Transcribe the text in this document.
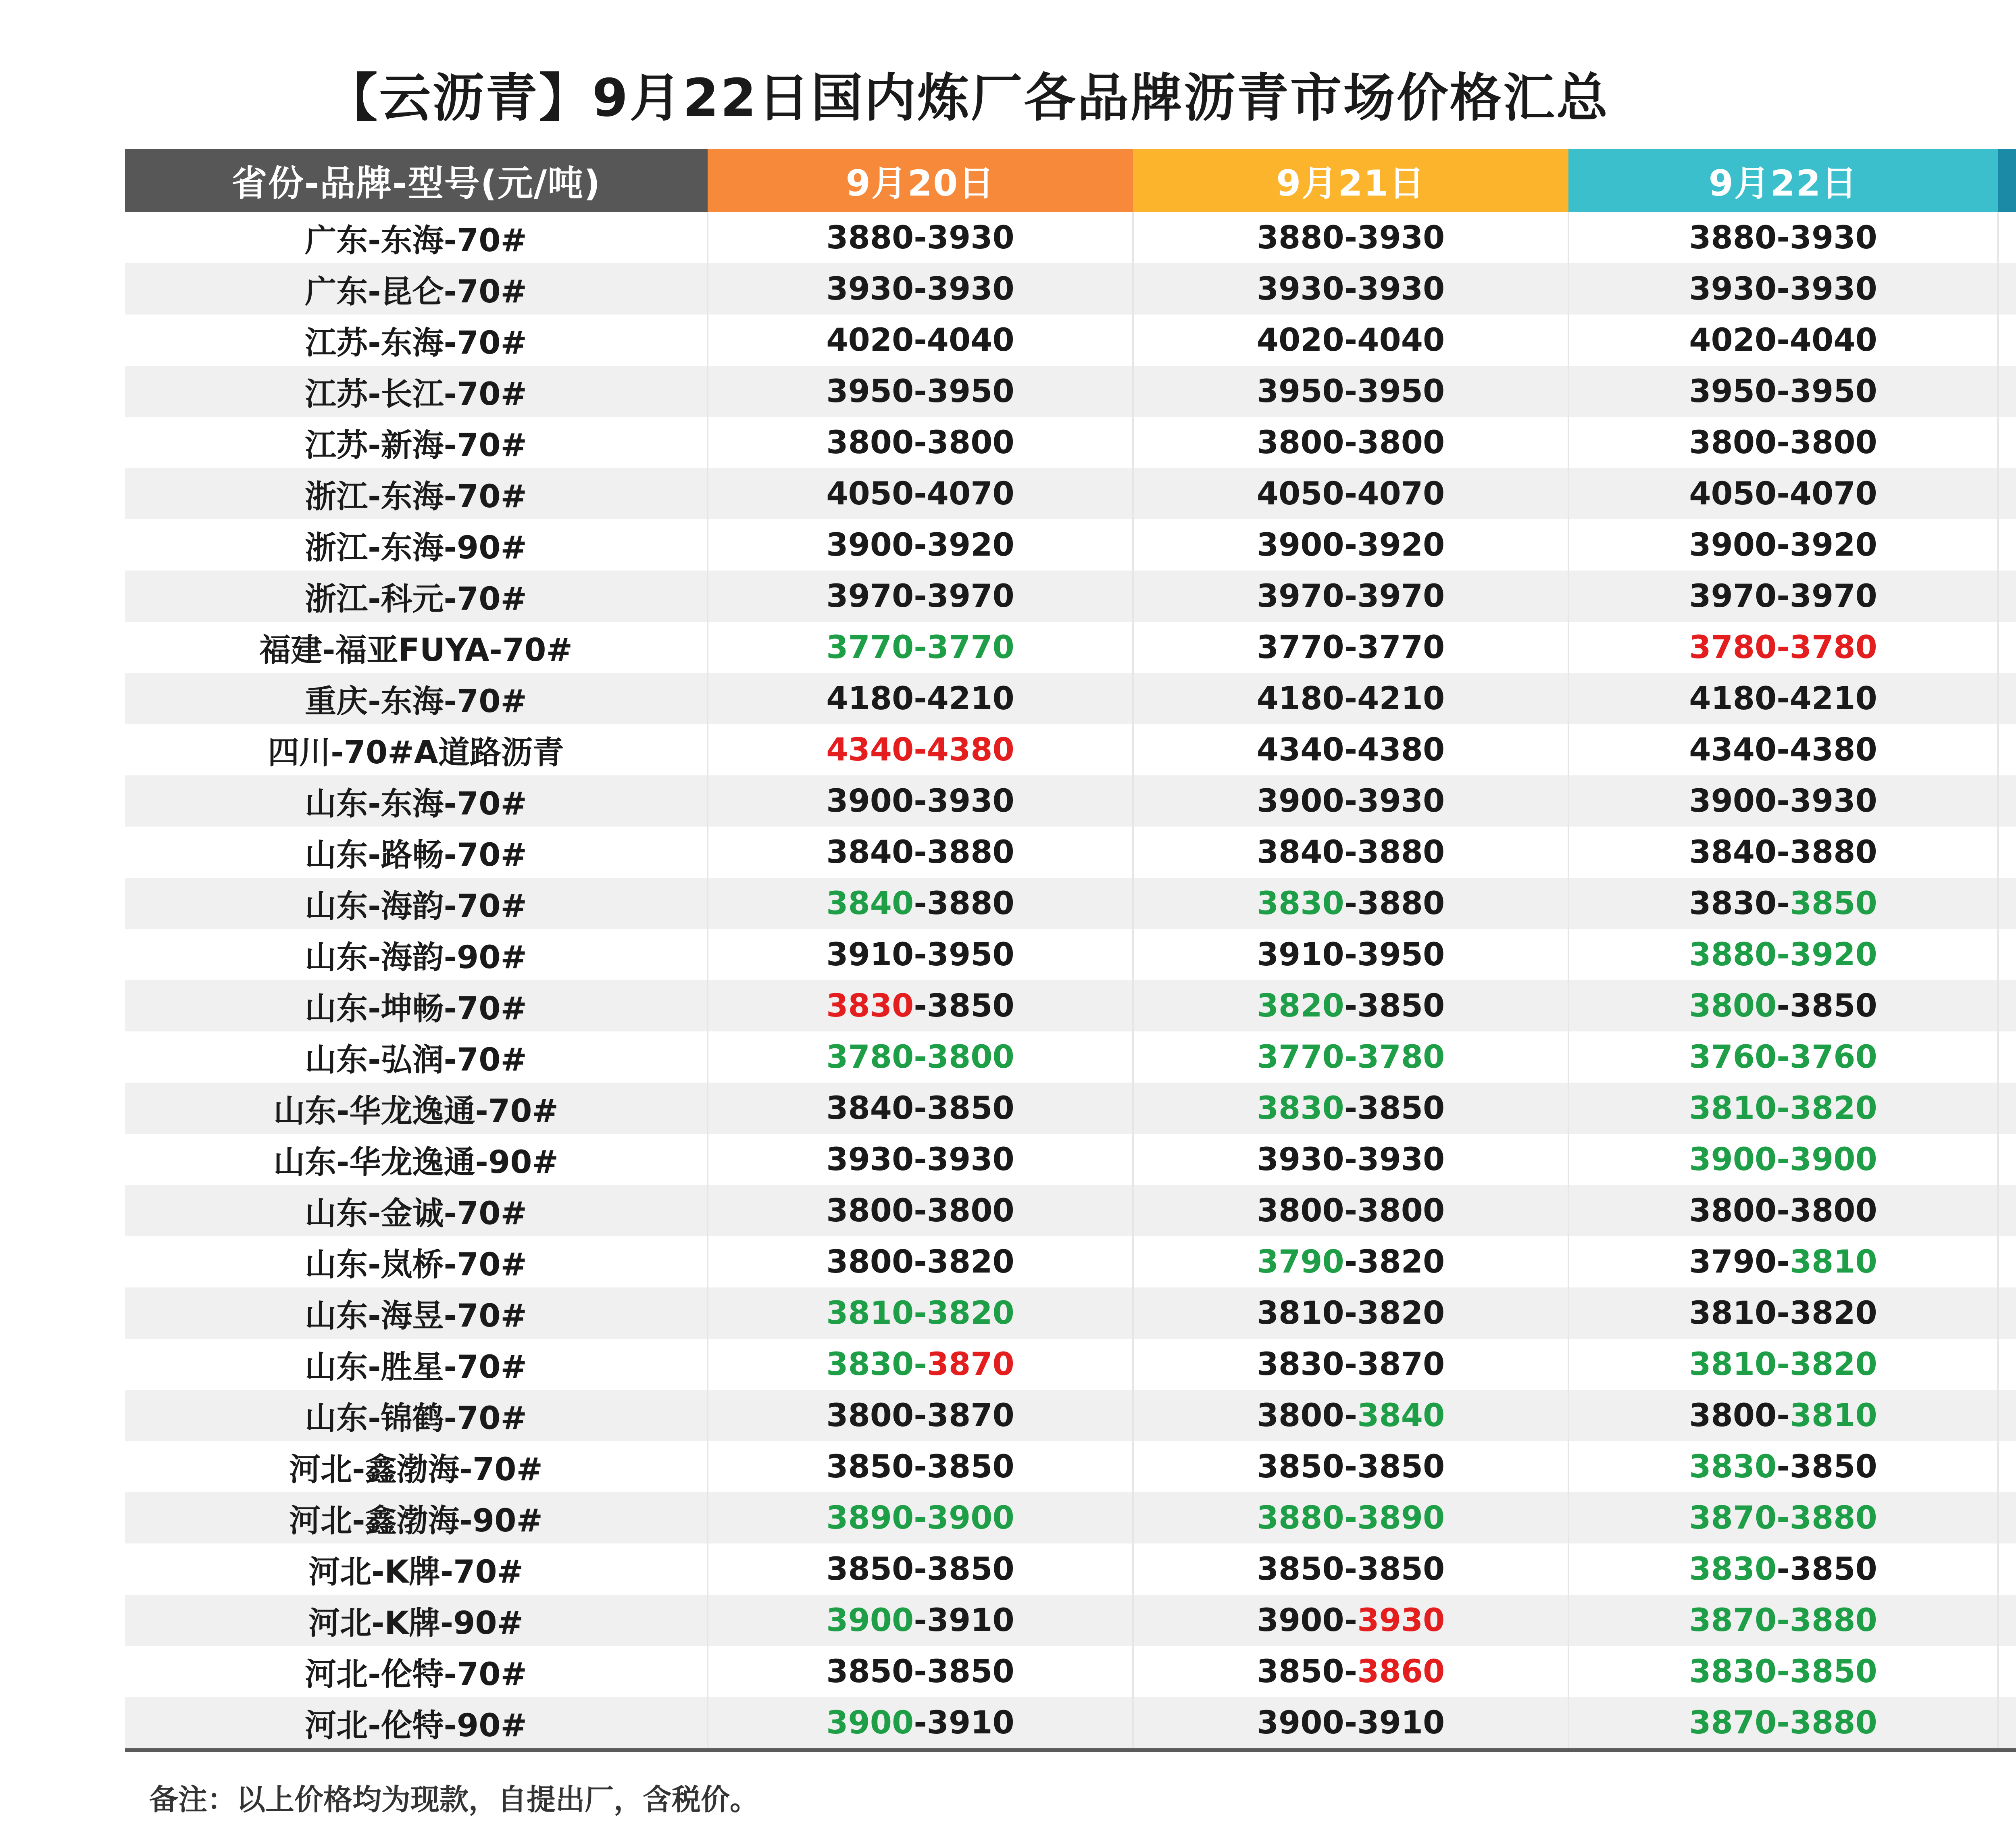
【云沥青】9月22日国内炼厂各品牌沥青市场价格汇总
省份-品牌-型号(元/吨)	9月20日	9月21日	9月22日	
广东-东海-70#	3880-3930	3880-3930	3880-3930	
广东-昆仑-70#	3930-3930	3930-3930	3930-3930	
江苏-东海-70#	4020-4040	4020-4040	4020-4040	
江苏-长江-70#	3950-3950	3950-3950	3950-3950	
江苏-新海-70#	3800-3800	3800-3800	3800-3800	
浙江-东海-70#	4050-4070	4050-4070	4050-4070	
浙江-东海-90#	3900-3920	3900-3920	3900-3920	
浙江-科元-70#	3970-3970	3970-3970	3970-3970	
福建-福亚FUYA-70#	3770-3770	3770-3770	3780-3780	
重庆-东海-70#	4180-4210	4180-4210	4180-4210	
四川-70#A道路沥青	4340-4380	4340-4380	4340-4380	
山东-东海-70#	3900-3930	3900-3930	3900-3930	
山东-路畅-70#	3840-3880	3840-3880	3840-3880	
山东-海韵-70#	3840-3880	3830-3880	3830-3850	
山东-海韵-90#	3910-3950	3910-3950	3880-3920	
山东-坤畅-70#	3830-3850	3820-3850	3800-3850	
山东-弘润-70#	3780-3800	3770-3780	3760-3760	
山东-华龙逸通-70#	3840-3850	3830-3850	3810-3820	
山东-华龙逸通-90#	3930-3930	3930-3930	3900-3900	
山东-金诚-70#	3800-3800	3800-3800	3800-3800	
山东-岚桥-70#	3800-3820	3790-3820	3790-3810	
山东-海昱-70#	3810-3820	3810-3820	3810-3820	
山东-胜星-70#	3830-3870	3830-3870	3810-3820	
山东-锦鹤-70#	3800-3870	3800-3840	3800-3810	
河北-鑫渤海-70#	3850-3850	3850-3850	3830-3850	
河北-鑫渤海-90#	3890-3900	3880-3890	3870-3880	
河北-K牌-70#	3850-3850	3850-3850	3830-3850	
河北-K牌-90#	3900-3910	3900-3930	3870-3880	
河北-伦特-70#	3850-3850	3850-3860	3830-3850	
河北-伦特-90#	3900-3910	3900-3910	3870-3880	
备注：以上价格均为现款，自提出厂，含税价。
